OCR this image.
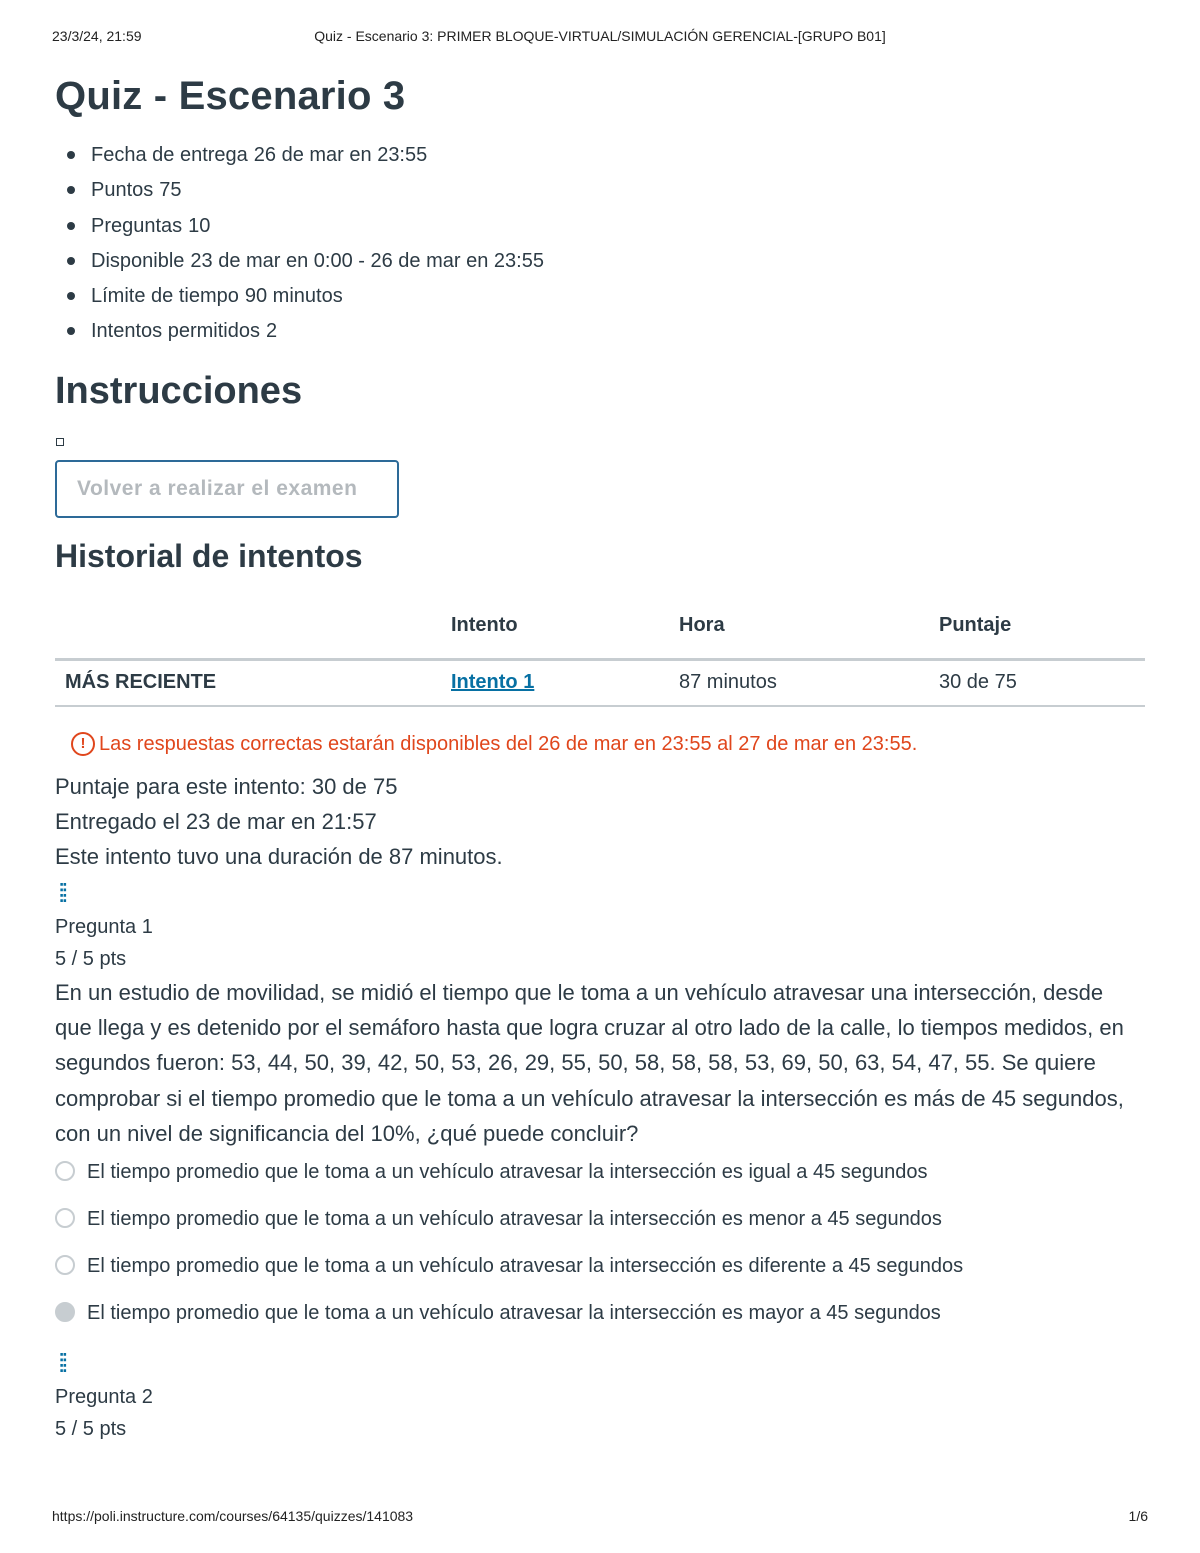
23/3/24, 21:59	Quiz - Escenario 3: PRIMER BLOQUE-VIRTUAL/SIMULACIÓN GERENCIAL-[GRUPO B01]
Quiz - Escenario 3
Fecha de entrega 26 de mar en 23:55
Puntos 75
Preguntas 10
Disponible 23 de mar en 0:00 - 26 de mar en 23:55
Límite de tiempo 90 minutos
Intentos permitidos 2
Instrucciones
Volver a realizar el examen
Historial de intentos
	Intento	Hora	Puntaje
MÁS RECIENTE	Intento 1	87 minutos	30 de 75
! Las respuestas correctas estarán disponibles del 26 de mar en 23:55 al 27 de mar en 23:55.
Puntaje para este intento: 30 de 75
Entregado el 23 de mar en 21:57
Este intento tuvo una duración de 87 minutos.
⁞⁞
Pregunta 1
5 / 5 pts

En un estudio de movilidad, se midió el tiempo que le toma a un vehículo atravesar una intersección, desde que llega y es detenido por el semáforo hasta que logra cruzar al otro lado de la calle, lo tiempos medidos, en segundos fueron: 53, 44, 50, 39, 42, 50, 53, 26, 29, 55, 50, 58, 58, 58, 53, 69, 50, 63, 54, 47, 55. Se quiere comprobar si el tiempo promedio que le toma a un vehículo atravesar la intersección es más de 45 segundos, con un nivel de significancia del 10%, ¿qué puede concluir?

El tiempo promedio que le toma a un vehículo atravesar la intersección es igual a 45 segundos
El tiempo promedio que le toma a un vehículo atravesar la intersección es menor a 45 segundos
El tiempo promedio que le toma a un vehículo atravesar la intersección es diferente a 45 segundos
El tiempo promedio que le toma a un vehículo atravesar la intersección es mayor a 45 segundos
⁞⁞
Pregunta 2
5 / 5 pts
https://poli.instructure.com/courses/64135/quizzes/141083	1/6
